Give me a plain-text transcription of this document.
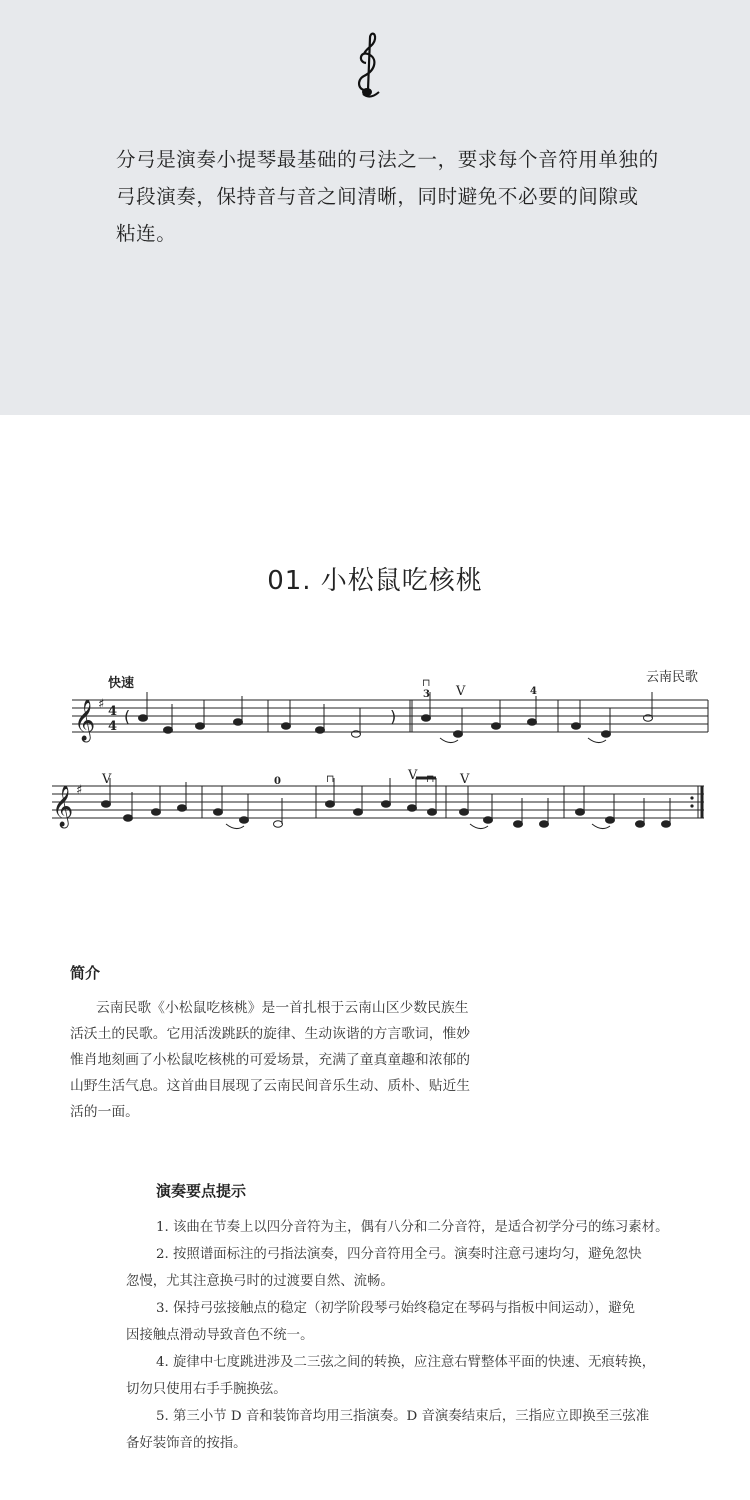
分弓是演奏小提琴最基础的弓法之一，要求每个音符用单独的
弓段演奏，保持音与音之间清晰，同时避免不必要的间隙或
粘连。
01. 小松鼠吃核桃
快速	云南民歌
𝄞 ♯ 4
4
𝄞 ♯
(	)
⊓
⊓	⊓
3	4
0
V
V	V	V
简介
云南民歌《小松鼠吃核桃》是一首扎根于云南山区少数民族生
活沃土的民歌。它用活泼跳跃的旋律、生动诙谐的方言歌词，惟妙
惟肖地刻画了小松鼠吃核桃的可爱场景，充满了童真童趣和浓郁的
山野生活气息。这首曲目展现了云南民间音乐生动、质朴、贴近生
活的一面。
演奏要点提示
1. 该曲在节奏上以四分音符为主，偶有八分和二分音符，是适合初学分弓的练习素材。
2. 按照谱面标注的弓指法演奏，四分音符用全弓。演奏时注意弓速均匀，避免忽快
忽慢，尤其注意换弓时的过渡要自然、流畅。
3. 保持弓弦接触点的稳定（初学阶段琴弓始终稳定在琴码与指板中间运动），避免
因接触点滑动导致音色不统一。
4. 旋律中七度跳进涉及二三弦之间的转换，应注意右臂整体平面的快速、无痕转换，
切勿只使用右手手腕换弦。
5. 第三小节 D 音和装饰音均用三指演奏。D 音演奏结束后，三指应立即换至三弦准
备好装饰音的按指。
